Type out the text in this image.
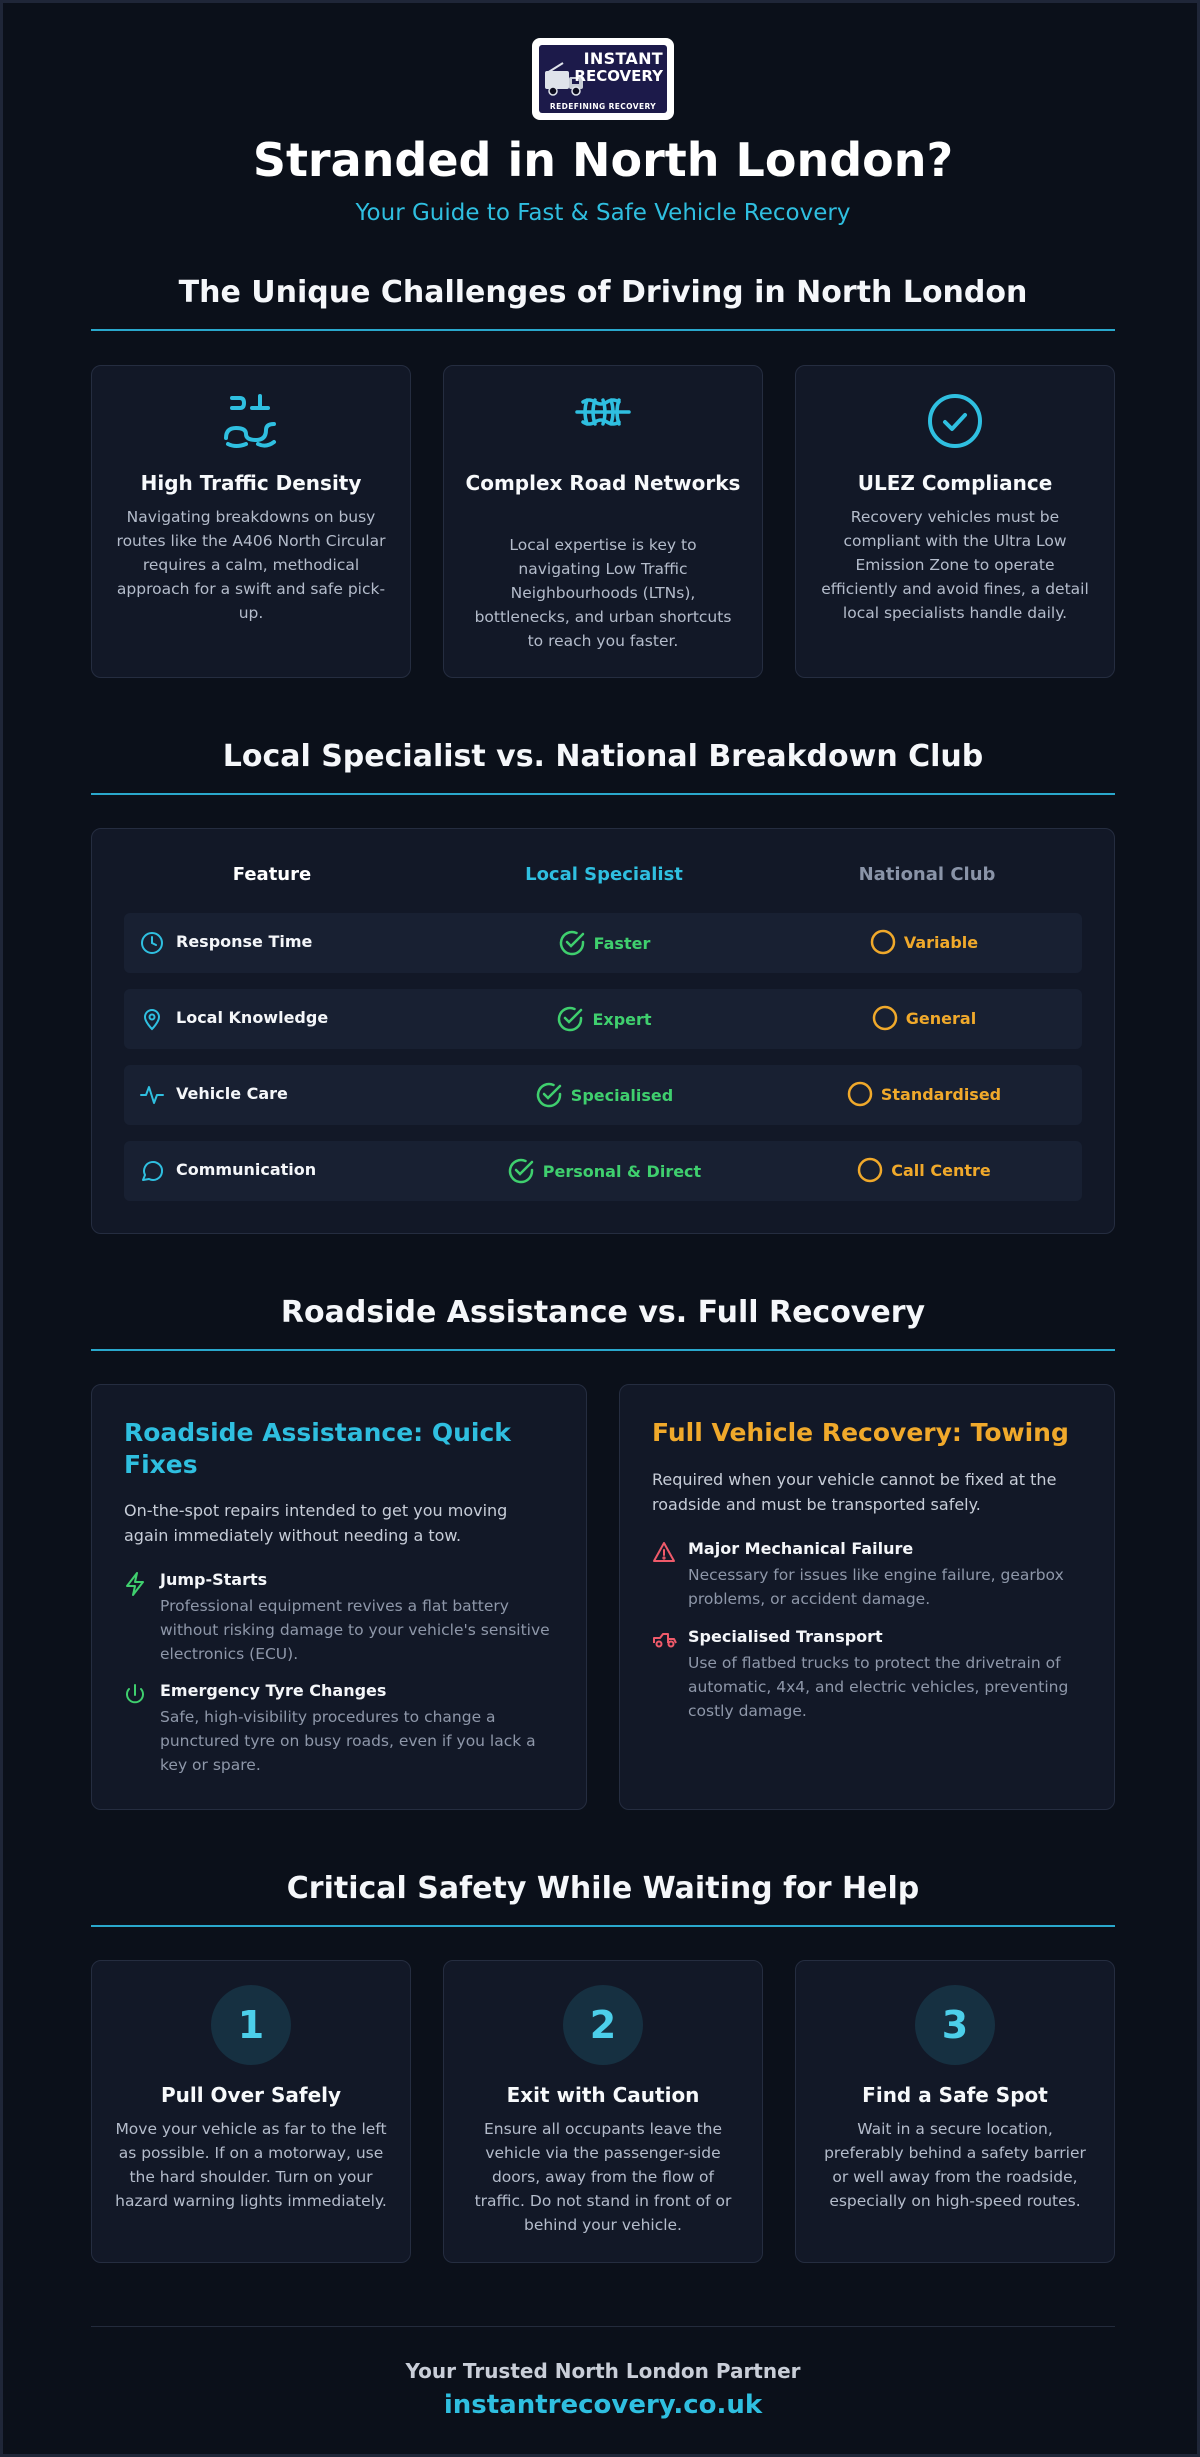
INSTANT
RECOVERY
REDEFINING RECOVERY
Stranded in North London?
Your Guide to Fast & Safe Vehicle Recovery
The Unique Challenges of Driving in North London
High Traffic Density
Navigating breakdowns on busy routes like the A406 North Circular requires a calm, methodical approach for a swift and safe pick-up.
Complex Road Networks
Local expertise is key to navigating Low Traffic Neighbourhoods (LTNs), bottlenecks, and urban shortcuts to reach you faster.
ULEZ Compliance
Recovery vehicles must be compliant with the Ultra Low Emission Zone to operate efficiently and avoid fines, a detail local specialists handle daily.
Local Specialist vs. National Breakdown Club
Feature	Local Specialist	National Club
Response Time	Faster	Variable
Local Knowledge	Expert	General
Vehicle Care	Specialised	Standardised
Communication	Personal & Direct	Call Centre
Roadside Assistance vs. Full Recovery
Roadside Assistance: Quick Fixes
On-the-spot repairs intended to get you moving again immediately without needing a tow.
Jump-Starts
Professional equipment revives a flat battery without risking damage to your vehicle's sensitive electronics (ECU).
Emergency Tyre Changes
Safe, high-visibility procedures to change a punctured tyre on busy roads, even if you lack a key or spare.
Full Vehicle Recovery: Towing
Required when your vehicle cannot be fixed at the roadside and must be transported safely.
Major Mechanical Failure
Necessary for issues like engine failure, gearbox problems, or accident damage.
Specialised Transport
Use of flatbed trucks to protect the drivetrain of automatic, 4x4, and electric vehicles, preventing costly damage.
Critical Safety While Waiting for Help
1
Pull Over Safely
Move your vehicle as far to the left as possible. If on a motorway, use the hard shoulder. Turn on your hazard warning lights immediately.
2
Exit with Caution
Ensure all occupants leave the vehicle via the passenger-side doors, away from the flow of traffic. Do not stand in front of or behind your vehicle.
3
Find a Safe Spot
Wait in a secure location, preferably behind a safety barrier or well away from the roadside, especially on high-speed routes.
Your Trusted North London Partner
instantrecovery.co.uk
